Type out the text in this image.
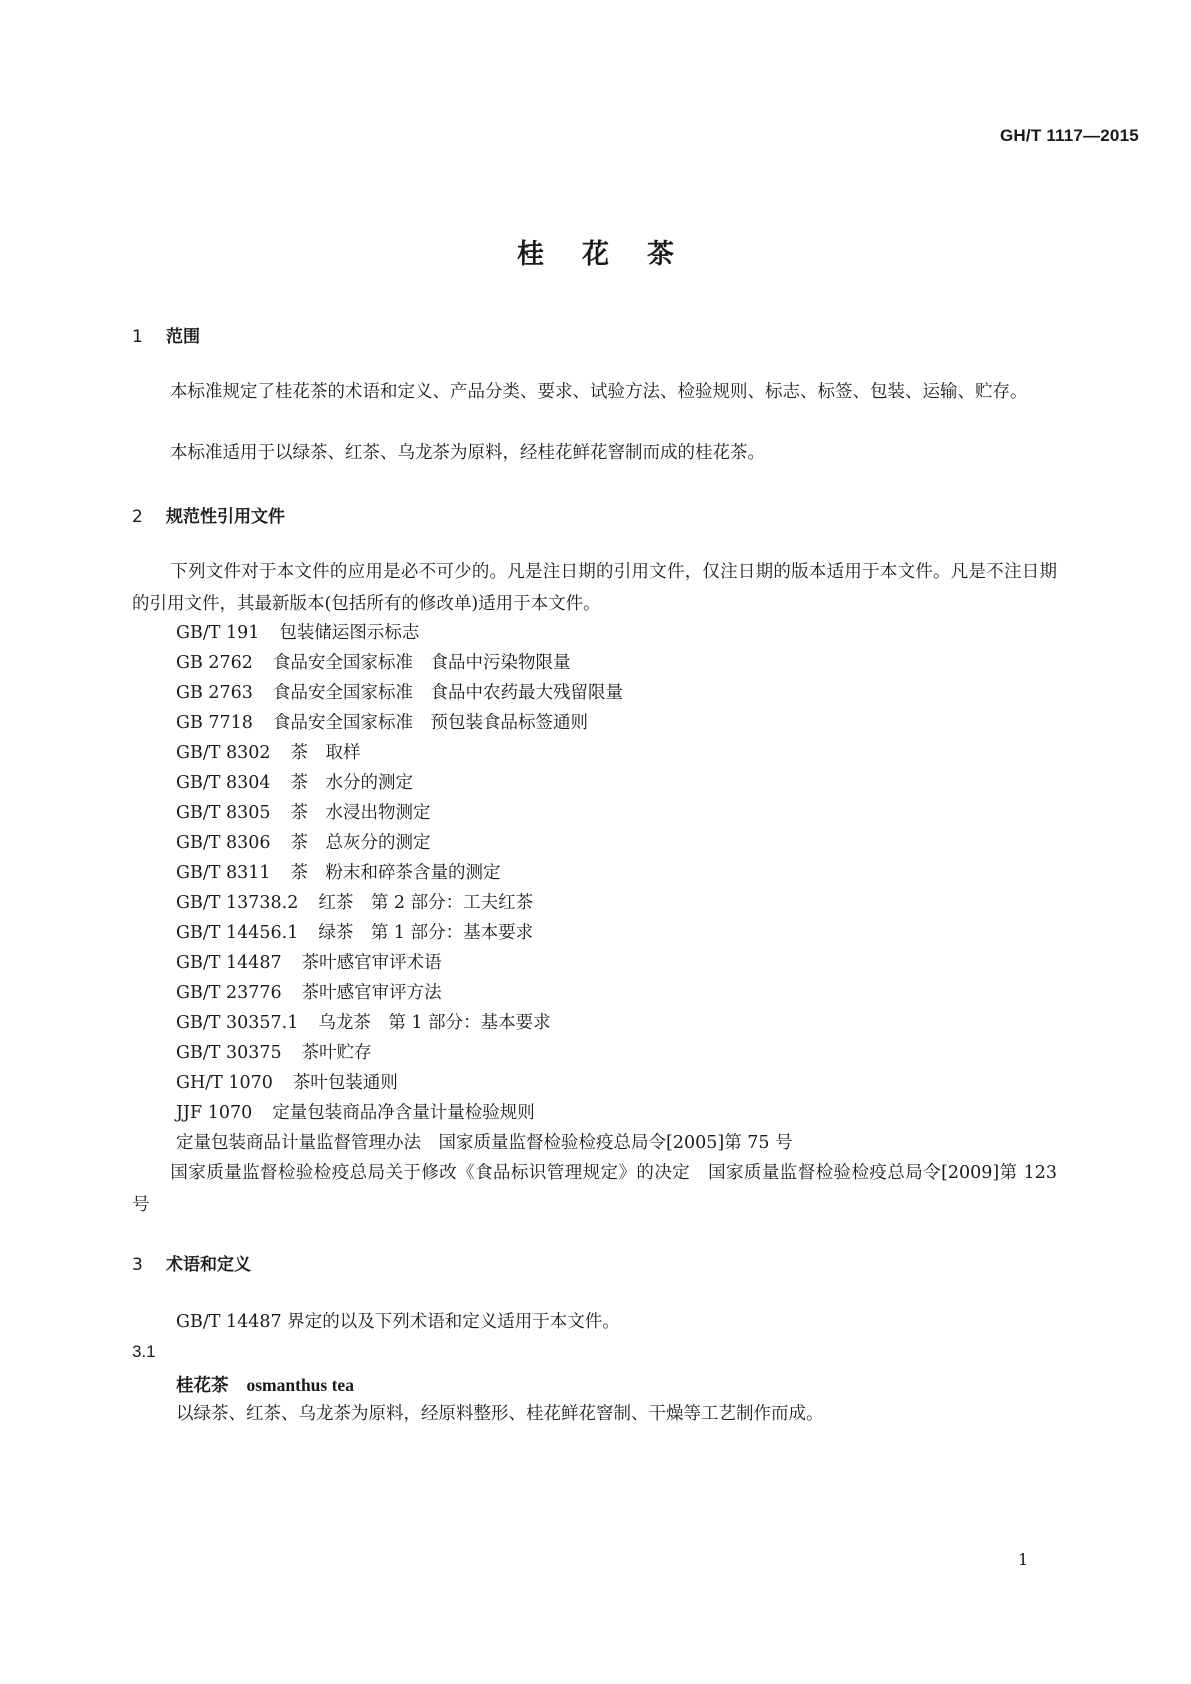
GH/T 1117—2015
桂花茶
1 范围
本标准规定了桂花茶的术语和定义、产品分类、要求、试验方法、检验规则、标志、标签、包装、运输、贮存。
本标准适用于以绿茶、红茶、乌龙茶为原料，经桂花鲜花窨制而成的桂花茶。
2 规范性引用文件
下列文件对于本文件的应用是必不可少的。凡是注日期的引用文件，仅注日期的版本适用于本文件。凡是不注日期的引用文件，其最新版本(包括所有的修改单)适用于本文件。
GB/T 191 包装储运图示标志
GB 2762 食品安全国家标准　食品中污染物限量
GB 2763 食品安全国家标准　食品中农药最大残留限量
GB 7718 食品安全国家标准　预包装食品标签通则
GB/T 8302 茶　取样
GB/T 8304 茶　水分的测定
GB/T 8305 茶　水浸出物测定
GB/T 8306 茶　总灰分的测定
GB/T 8311 茶　粉末和碎茶含量的测定
GB/T 13738.2 红茶　第 2 部分：工夫红茶
GB/T 14456.1 绿茶　第 1 部分：基本要求
GB/T 14487 茶叶感官审评术语
GB/T 23776 茶叶感官审评方法
GB/T 30357.1 乌龙茶　第 1 部分：基本要求
GB/T 30375 茶叶贮存
GH/T 1070 茶叶包装通则
JJF 1070 定量包装商品净含量计量检验规则
定量包装商品计量监督管理办法　国家质量监督检验检疫总局令[2005]第 75 号
国家质量监督检验检疫总局关于修改《食品标识管理规定》的决定　国家质量监督检验检疫总局令[2009]第 123 号
3 术语和定义
GB/T 14487 界定的以及下列术语和定义适用于本文件。
3.1
桂花茶 osmanthus tea
以绿茶、红茶、乌龙茶为原料，经原料整形、桂花鲜花窨制、干燥等工艺制作而成。
1
